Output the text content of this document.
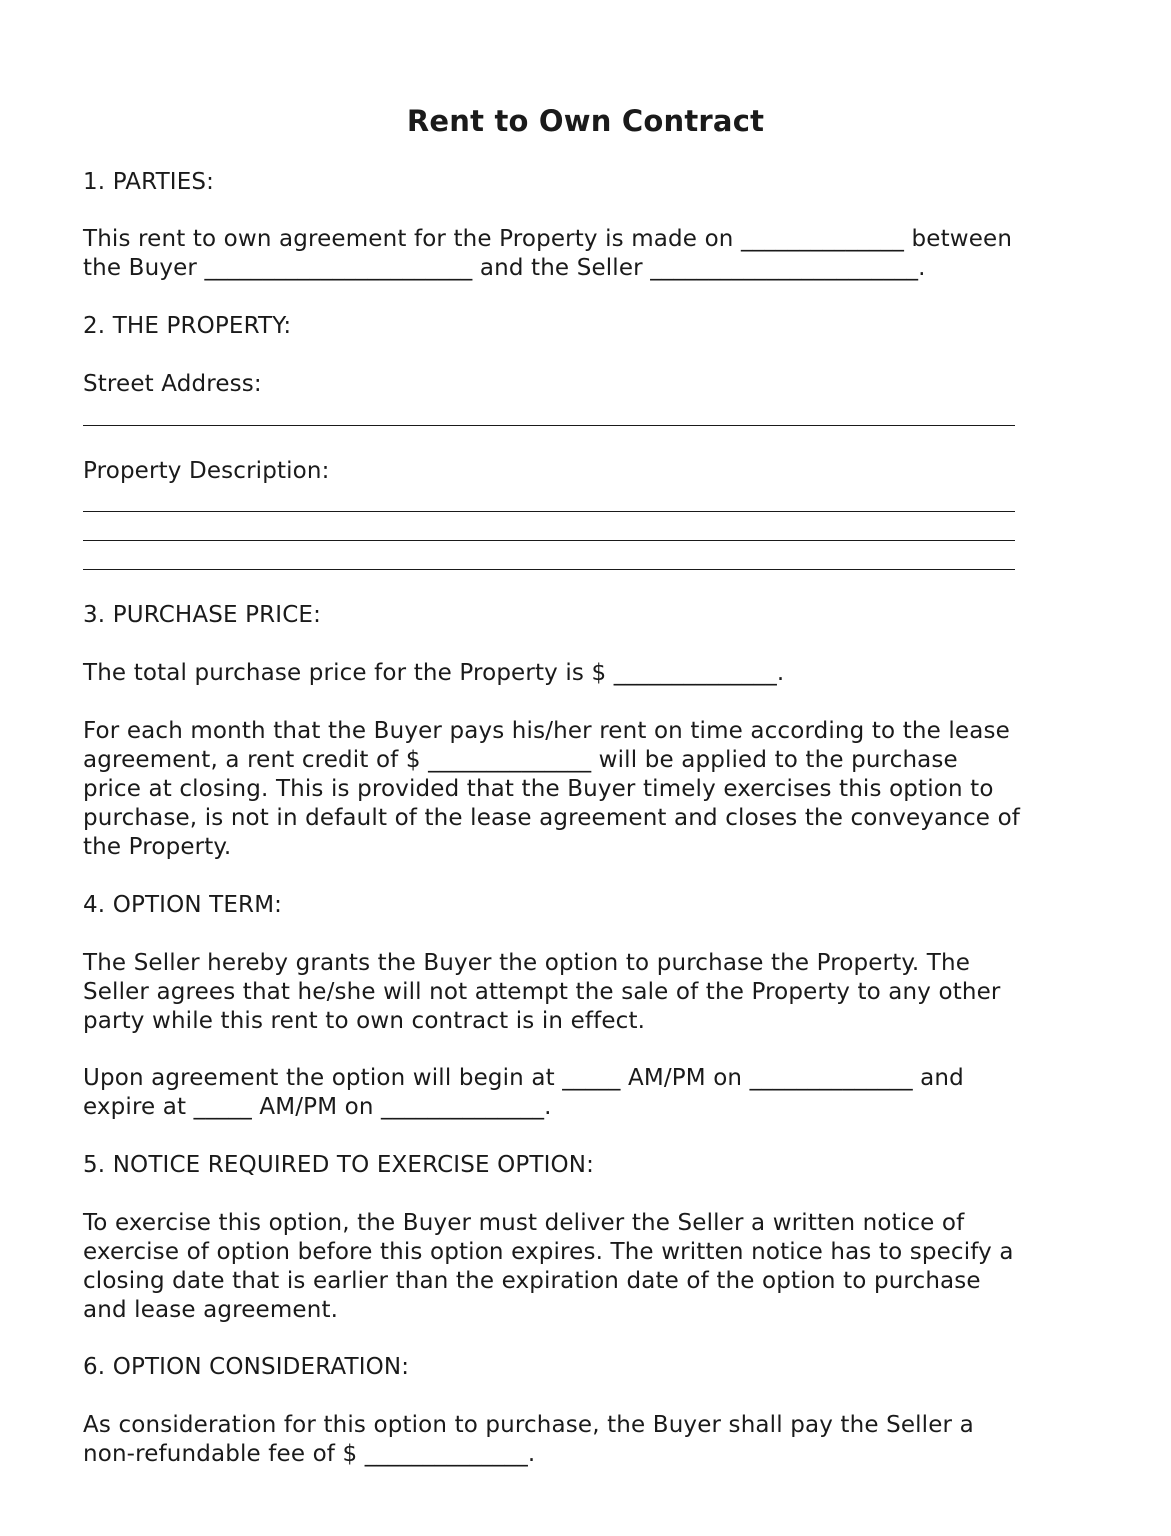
Rent to Own Contract
1. PARTIES:
This rent to own agreement for the Property is made on ______________ between
the Buyer _______________________ and the Seller _______________________.
2. THE PROPERTY:
Street Address:
Property Description:
3. PURCHASE PRICE:
The total purchase price for the Property is $ ______________.
For each month that the Buyer pays his/her rent on time according to the lease
agreement, a rent credit of $ ______________ will be applied to the purchase
price at closing. This is provided that the Buyer timely exercises this option to
purchase, is not in default of the lease agreement and closes the conveyance of
the Property.
4. OPTION TERM:
The Seller hereby grants the Buyer the option to purchase the Property. The
Seller agrees that he/she will not attempt the sale of the Property to any other
party while this rent to own contract is in effect.
Upon agreement the option will begin at _____ AM/PM on ______________ and
expire at _____ AM/PM on ______________.
5. NOTICE REQUIRED TO EXERCISE OPTION:
To exercise this option, the Buyer must deliver the Seller a written notice of
exercise of option before this option expires. The written notice has to specify a
closing date that is earlier than the expiration date of the option to purchase
and lease agreement.
6. OPTION CONSIDERATION:
As consideration for this option to purchase, the Buyer shall pay the Seller a
non-refundable fee of $ ______________.
